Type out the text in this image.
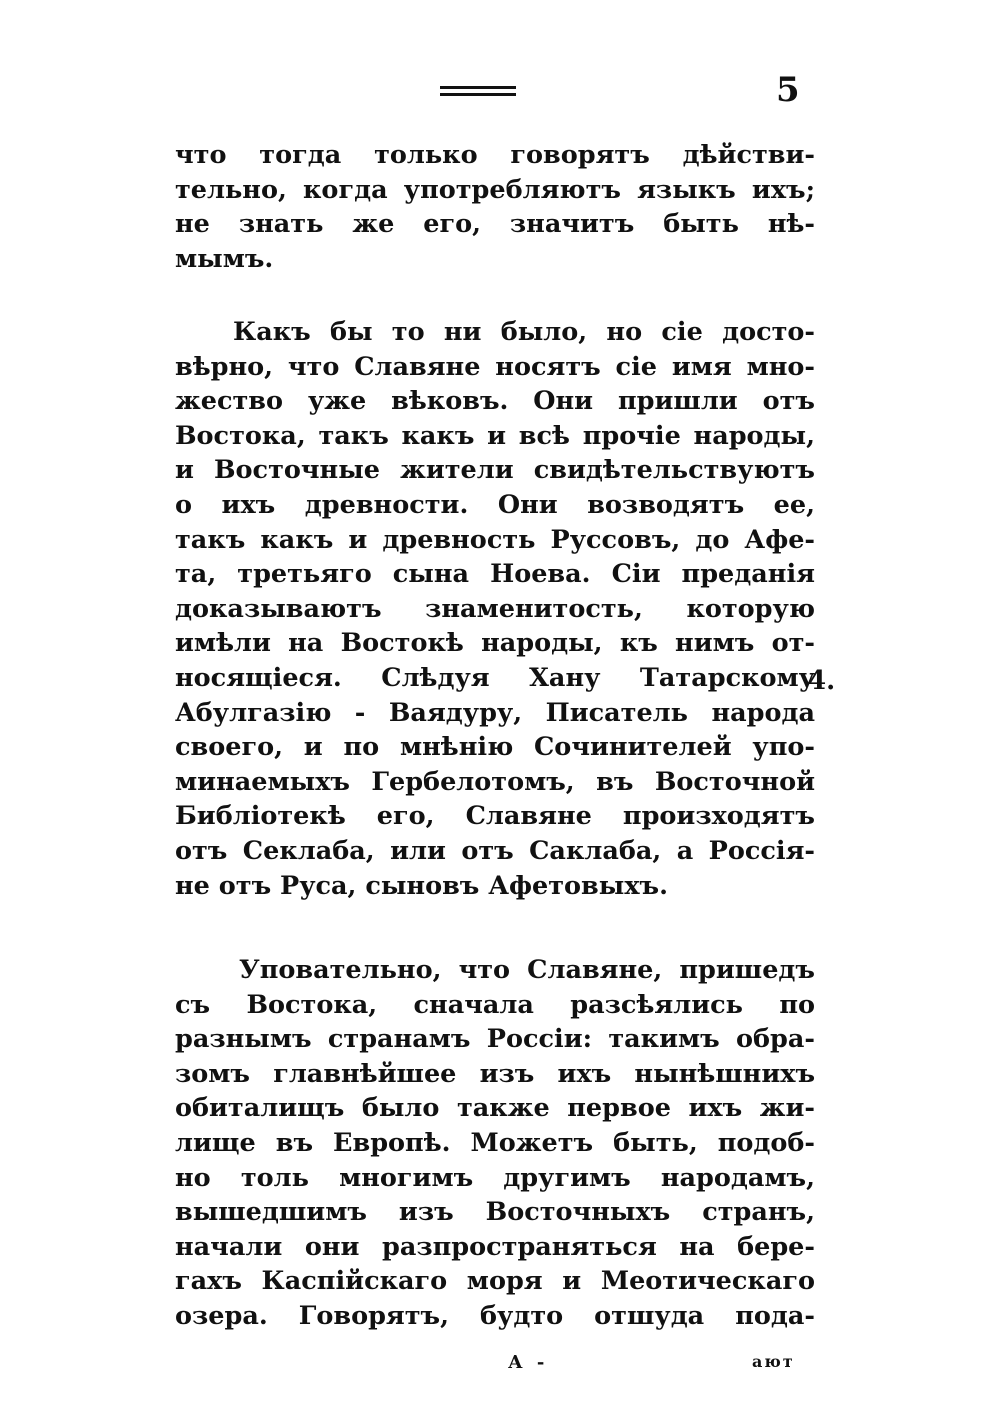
5
4.

что тогда только говорятъ дѣйстви-
тельно, когда употребляютъ языкъ ихъ;
не знать же его, значитъ быть нѣ-
мымъ.

Какъ бы то ни было, но сіе досто-
вѣрно, что Славяне носятъ сіе имя мно-
жество уже вѣковъ. Они пришли отъ
Востока, такъ какъ и всѣ прочіе народы,
и Восточные жители свидѣтельствуютъ
о ихъ древности. Они возводятъ ее,
такъ какъ и древность Руссовъ, до Афе-
та, третьяго сына Ноева. Сіи преданія
доказываютъ знаменитость, которую
имѣли на Востокѣ народы, къ нимъ от-
носящіеся. Слѣдуя Хану Татарскому
Абулгазію - Ваядуру, Писатель народа
своего, и по мнѣнію Сочинителей упо-
минаемыхъ Гербелотомъ, въ Восточной
Библіотекѣ его, Славяне произходятъ
отъ Секлаба, или отъ Саклаба, а Россія-
не отъ Руса, сыновъ Афетовыхъ.

Уповательно, что Славяне, пришедъ
съ Востока, сначала разсѣялись по
разнымъ странамъ Россіи: такимъ обра-
зомъ главнѣйшее изъ ихъ нынѣшнихъ
обиталищъ было также первое ихъ жи-
лище въ Европѣ. Можетъ быть, подоб-
но толь многимъ другимъ народамъ,
вышедшимъ изъ Восточныхъ странъ,
начали они разпространяться на бере-
гахъ Каспійскаго моря и Меотическаго
озера. Говорятъ, будто отшуда пода-

А -	ают
